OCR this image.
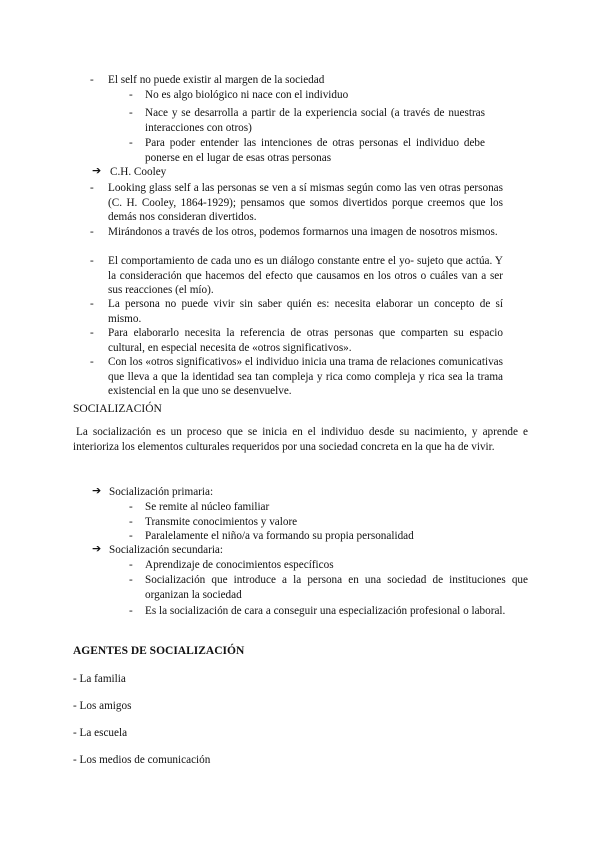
- El self no puede existir al margen de la sociedad
- No es algo biológico ni nace con el individuo
- Nace y se desarrolla a partir de la experiencia social (a través de nuestras interacciones con otros)
- Para poder entender las intenciones de otras personas el individuo debe ponerse en el lugar de esas otras personas
➔ C.H. Cooley
- Looking glass self a las personas se ven a sí mismas según como las ven otras personas (C. H. Cooley, 1864-1929); pensamos que somos divertidos porque creemos que los demás nos consideran divertidos.
- Mirándonos a través de los otros, podemos formarnos una imagen de nosotros mismos.
- El comportamiento de cada uno es un diálogo constante entre el yo- sujeto que actúa. Y la consideración que hacemos del efecto que causamos en los otros o cuáles van a ser sus reacciones (el mío).
- La persona no puede vivir sin saber quién es: necesita elaborar un concepto de sí mismo.
- Para elaborarlo necesita la referencia de otras personas que comparten su espacio cultural, en especial necesita de «otros significativos».
- Con los «otros significativos» el individuo inicia una trama de relaciones comunicativas que lleva a que la identidad sea tan compleja y rica como compleja y rica sea la trama existencial en la que uno se desenvuelve.
SOCIALIZACIÓN
La socialización es un proceso que se inicia en el individuo desde su nacimiento, y aprende e interioriza los elementos culturales requeridos por una sociedad concreta en la que ha de vivir.
➔ Socialización primaria:
- Se remite al núcleo familiar
- Transmite conocimientos y valore
- Paralelamente el niño/a va formando su propia personalidad
➔ Socialización secundaria:
- Aprendizaje de conocimientos específicos
- Socialización que introduce a la persona en una sociedad de instituciones que organizan la sociedad
- Es la socialización de cara a conseguir una especialización profesional o laboral.
AGENTES DE SOCIALIZACIÓN
- La familia
- Los amigos
- La escuela
- Los medios de comunicación
